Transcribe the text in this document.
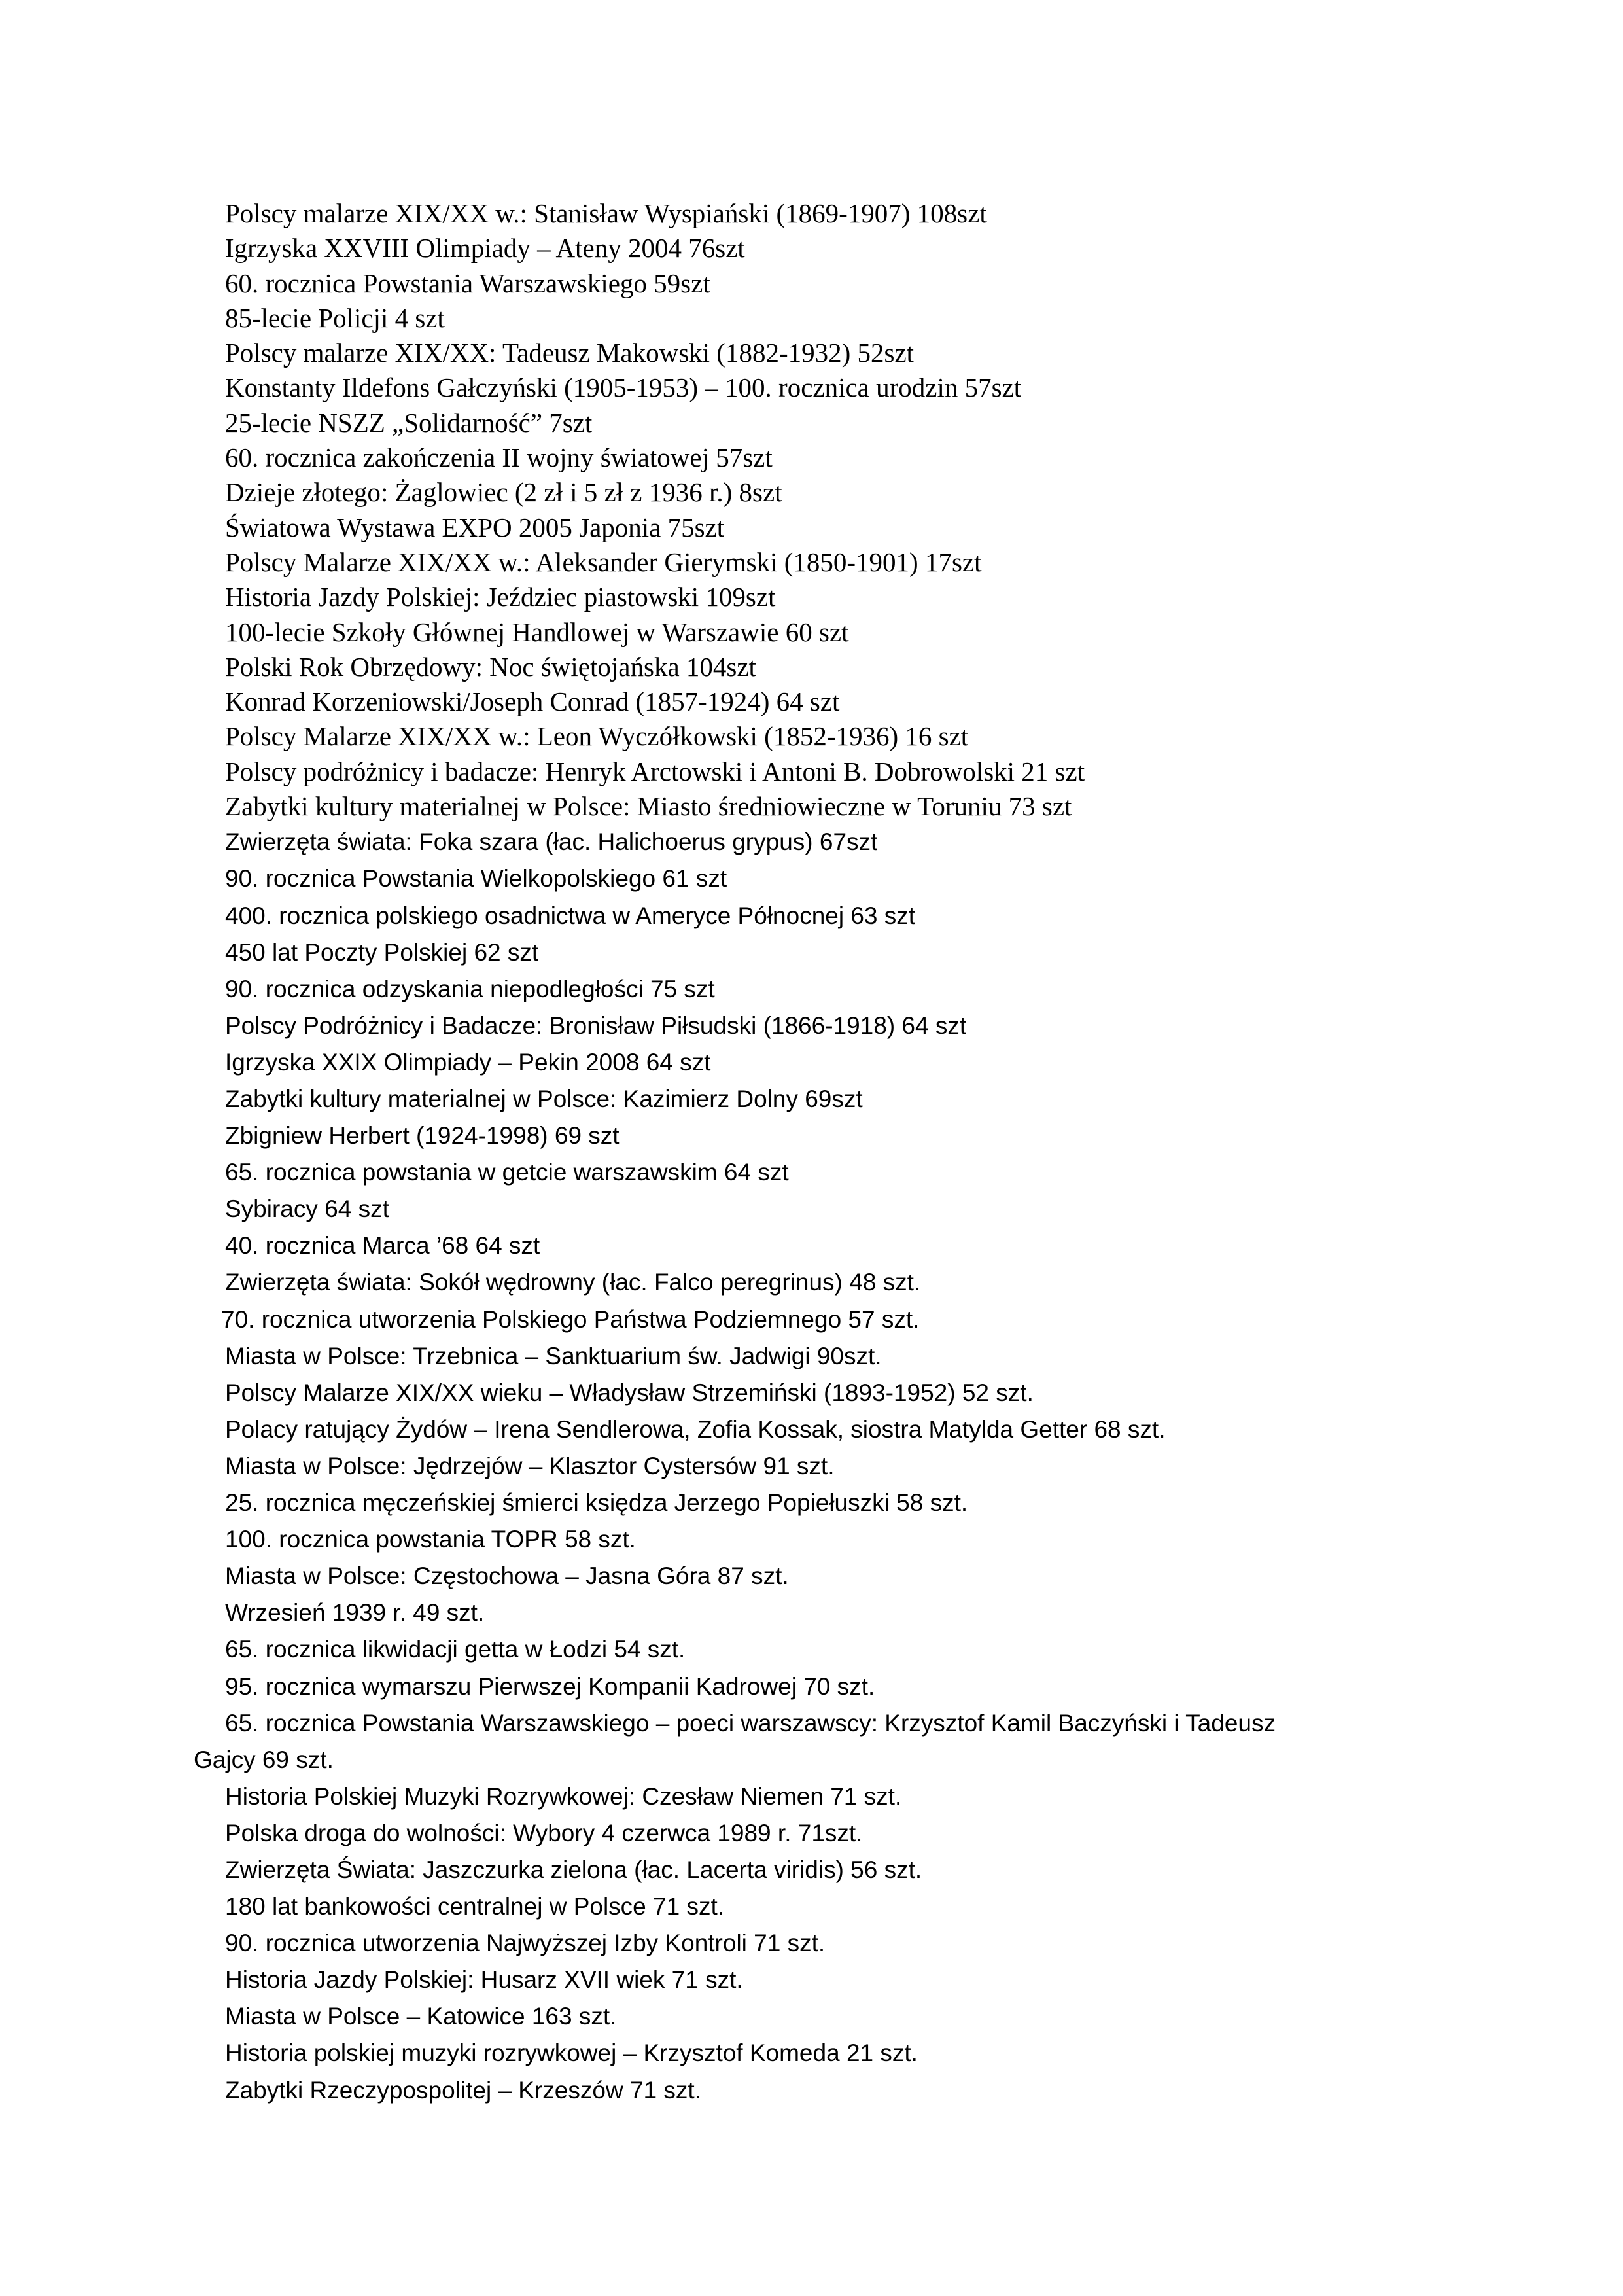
Polscy malarze XIX/XX w.: Stanisław Wyspiański (1869-1907) 108szt
Igrzyska XXVIII Olimpiady – Ateny 2004 76szt
60. rocznica Powstania Warszawskiego 59szt
85-lecie Policji 4 szt
Polscy malarze XIX/XX: Tadeusz Makowski (1882-1932) 52szt
Konstanty Ildefons Gałczyński (1905-1953) – 100. rocznica urodzin 57szt
25-lecie NSZZ „Solidarność” 7szt
60. rocznica zakończenia II wojny światowej 57szt
Dzieje złotego: Żaglowiec (2 zł i 5 zł z 1936 r.) 8szt
Światowa Wystawa EXPO 2005 Japonia 75szt
Polscy Malarze XIX/XX w.: Aleksander Gierymski (1850-1901) 17szt
Historia Jazdy Polskiej: Jeździec piastowski 109szt
100-lecie Szkoły Głównej Handlowej w Warszawie 60 szt
Polski Rok Obrzędowy: Noc świętojańska 104szt
Konrad Korzeniowski/Joseph Conrad (1857-1924) 64 szt
Polscy Malarze XIX/XX w.: Leon Wyczółkowski (1852-1936) 16 szt
Polscy podróżnicy i badacze: Henryk Arctowski i Antoni B. Dobrowolski 21 szt
Zabytki kultury materialnej w Polsce: Miasto średniowieczne w Toruniu 73 szt
Zwierzęta świata: Foka szara (łac. Halichoerus grypus) 67szt
90. rocznica Powstania Wielkopolskiego 61 szt
400. rocznica polskiego osadnictwa w Ameryce Północnej 63 szt
450 lat Poczty Polskiej 62 szt
90. rocznica odzyskania niepodległości 75 szt
Polscy Podróżnicy i Badacze: Bronisław Piłsudski (1866-1918) 64 szt
Igrzyska XXIX Olimpiady – Pekin 2008 64 szt
Zabytki kultury materialnej w Polsce: Kazimierz Dolny 69szt
Zbigniew Herbert (1924-1998) 69 szt
65. rocznica powstania w getcie warszawskim 64 szt
Sybiracy 64 szt
40. rocznica Marca ’68 64 szt
Zwierzęta świata: Sokół wędrowny (łac. Falco peregrinus) 48 szt.
70. rocznica utworzenia Polskiego Państwa Podziemnego 57 szt.
Miasta w Polsce: Trzebnica – Sanktuarium św. Jadwigi 90szt.
Polscy Malarze XIX/XX wieku – Władysław Strzemiński (1893-1952) 52 szt.
Polacy ratujący Żydów – Irena Sendlerowa, Zofia Kossak, siostra Matylda Getter 68 szt.
Miasta w Polsce: Jędrzejów – Klasztor Cystersów 91 szt.
25. rocznica męczeńskiej śmierci księdza Jerzego Popiełuszki 58 szt.
100. rocznica powstania TOPR 58 szt.
Miasta w Polsce: Częstochowa – Jasna Góra 87 szt.
Wrzesień 1939 r. 49 szt.
65. rocznica likwidacji getta w Łodzi 54 szt.
95. rocznica wymarszu Pierwszej Kompanii Kadrowej 70 szt.
65. rocznica Powstania Warszawskiego – poeci warszawscy: Krzysztof Kamil Baczyński i Tadeusz
Gajcy 69 szt.
Historia Polskiej Muzyki Rozrywkowej: Czesław Niemen 71 szt.
Polska droga do wolności: Wybory 4 czerwca 1989 r. 71szt.
Zwierzęta Świata: Jaszczurka zielona (łac. Lacerta viridis) 56 szt.
180 lat bankowości centralnej w Polsce 71 szt.
90. rocznica utworzenia Najwyższej Izby Kontroli 71 szt.
Historia Jazdy Polskiej: Husarz XVII wiek 71 szt.
Miasta w Polsce – Katowice 163 szt.
Historia polskiej muzyki rozrywkowej – Krzysztof Komeda 21 szt.
Zabytki Rzeczypospolitej – Krzeszów 71 szt.
